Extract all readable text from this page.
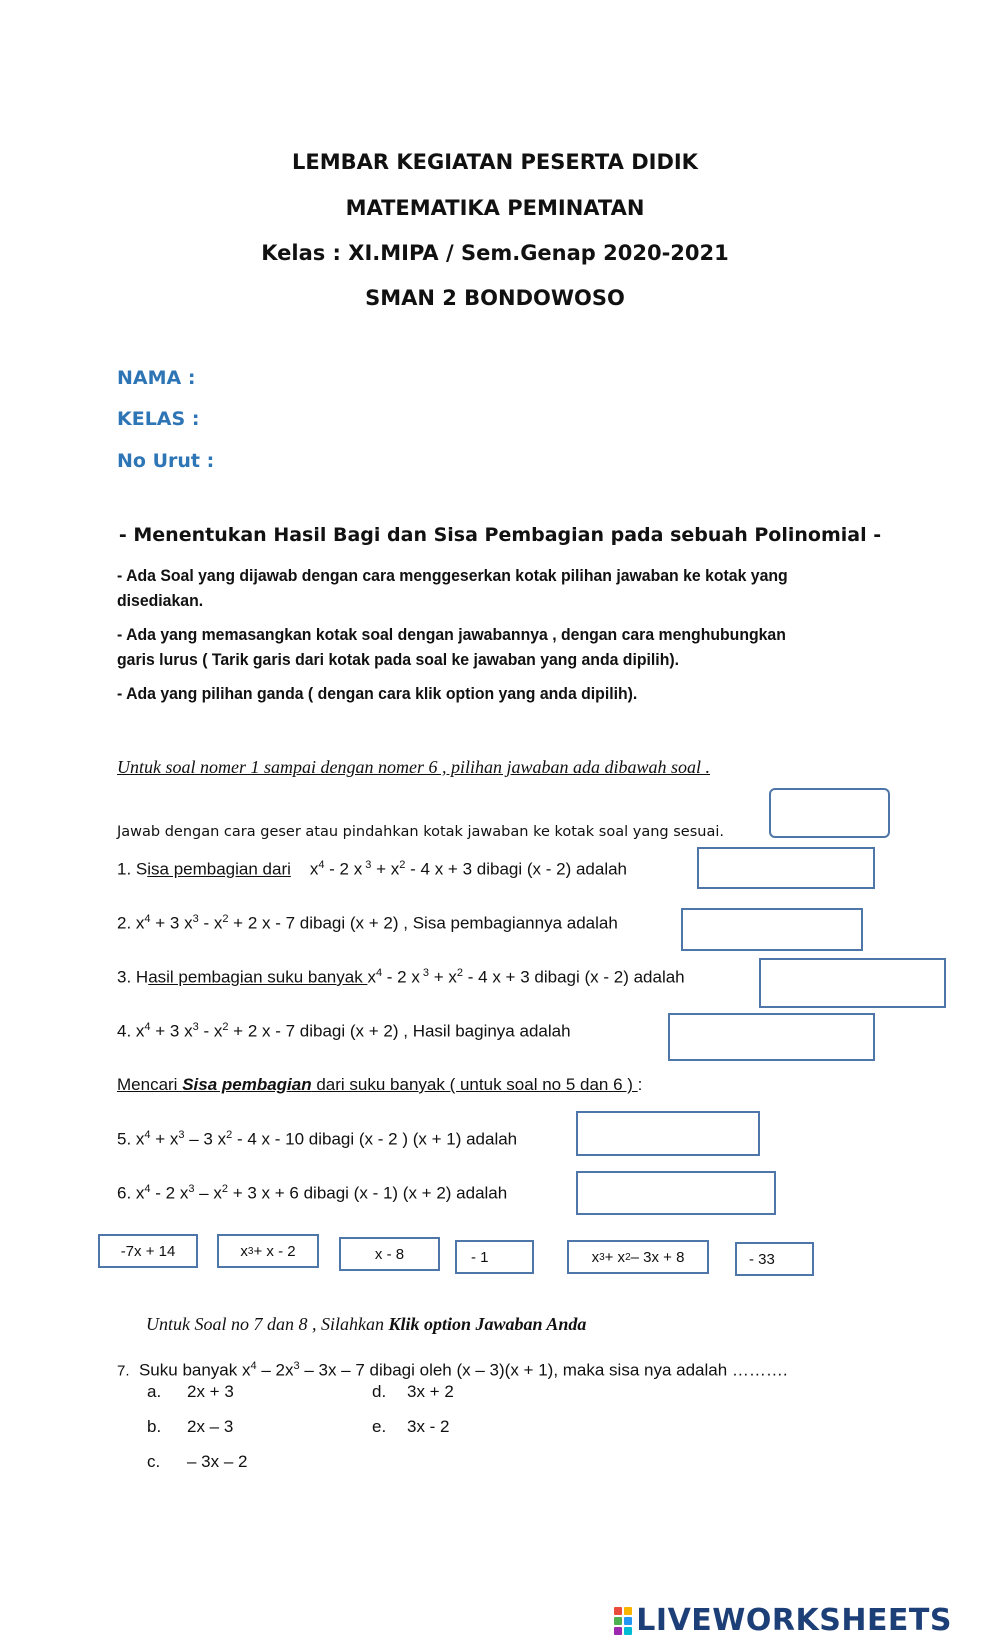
LEMBAR KEGIATAN PESERTA DIDIK
MATEMATIKA PEMINATAN
Kelas : XI.MIPA / Sem.Genap 2020-2021
SMAN 2 BONDOWOSO
NAMA :
KELAS :
No Urut :
- Menentukan Hasil Bagi dan Sisa Pembagian pada sebuah Polinomial -
- Ada Soal yang dijawab dengan cara menggeserkan kotak pilihan jawaban ke kotak yang disediakan.
- Ada yang memasangkan kotak soal dengan jawabannya , dengan cara menghubungkan garis lurus ( Tarik garis dari kotak pada soal ke jawaban yang anda dipilih).
- Ada yang pilihan ganda ( dengan cara klik option yang anda dipilih).
Untuk soal nomer 1 sampai dengan nomer 6 , pilihan jawaban ada dibawah soal .
Jawab dengan cara geser atau pindahkan kotak jawaban ke kotak soal yang sesuai.
1. Sisa pembagian dari $x^4 - 2$ x $^3 + x^2 - 4$ x + 3 dibagi (x - 2) adalah
2. $x^4 + 3$ $x^3 - x^2 + 2$ x - 7 dibagi (x + 2) , Sisa pembagiannya adalah
3. Hasil pembagian suku banyak $x^4 - 2$ x $^3 + x^2 - 4$ x + 3 dibagi (x - 2) adalah
4. $x^4 + 3$ $x^3 - x^2 + 2$ x - 7 dibagi (x + 2) , Hasil baginya adalah
Mencari Sisa pembagian dari suku banyak ( untuk soal no 5 dan 6 ) :
5. $x^4 + x^3 - 3$ $x^2 - 4$ x - 10 dibagi (x - 2 ) (x + 1) adalah
6. $x^4 - 2$ $x^3 - x^2 + 3$ x + 6 dibagi (x - 1) (x + 2) adalah
-7x + 14	x 3 + x - 2	x - 8	- 1	x 3 + x 2 – 3x + 8	- 33
Untuk Soal no 7 dan 8 , Silahkan Klik option Jawaban Anda
7. Suku banyak $x^4 - 2x^3 - 3x - 7$ dibagi oleh (x – 3)(x + 1), maka sisa nya adalah ……….
a. 2x + 3	d. 3x + 2
b. 2x – 3	e. 3x - 2
c. – 3x – 2
LIVEWORKSHEETS
